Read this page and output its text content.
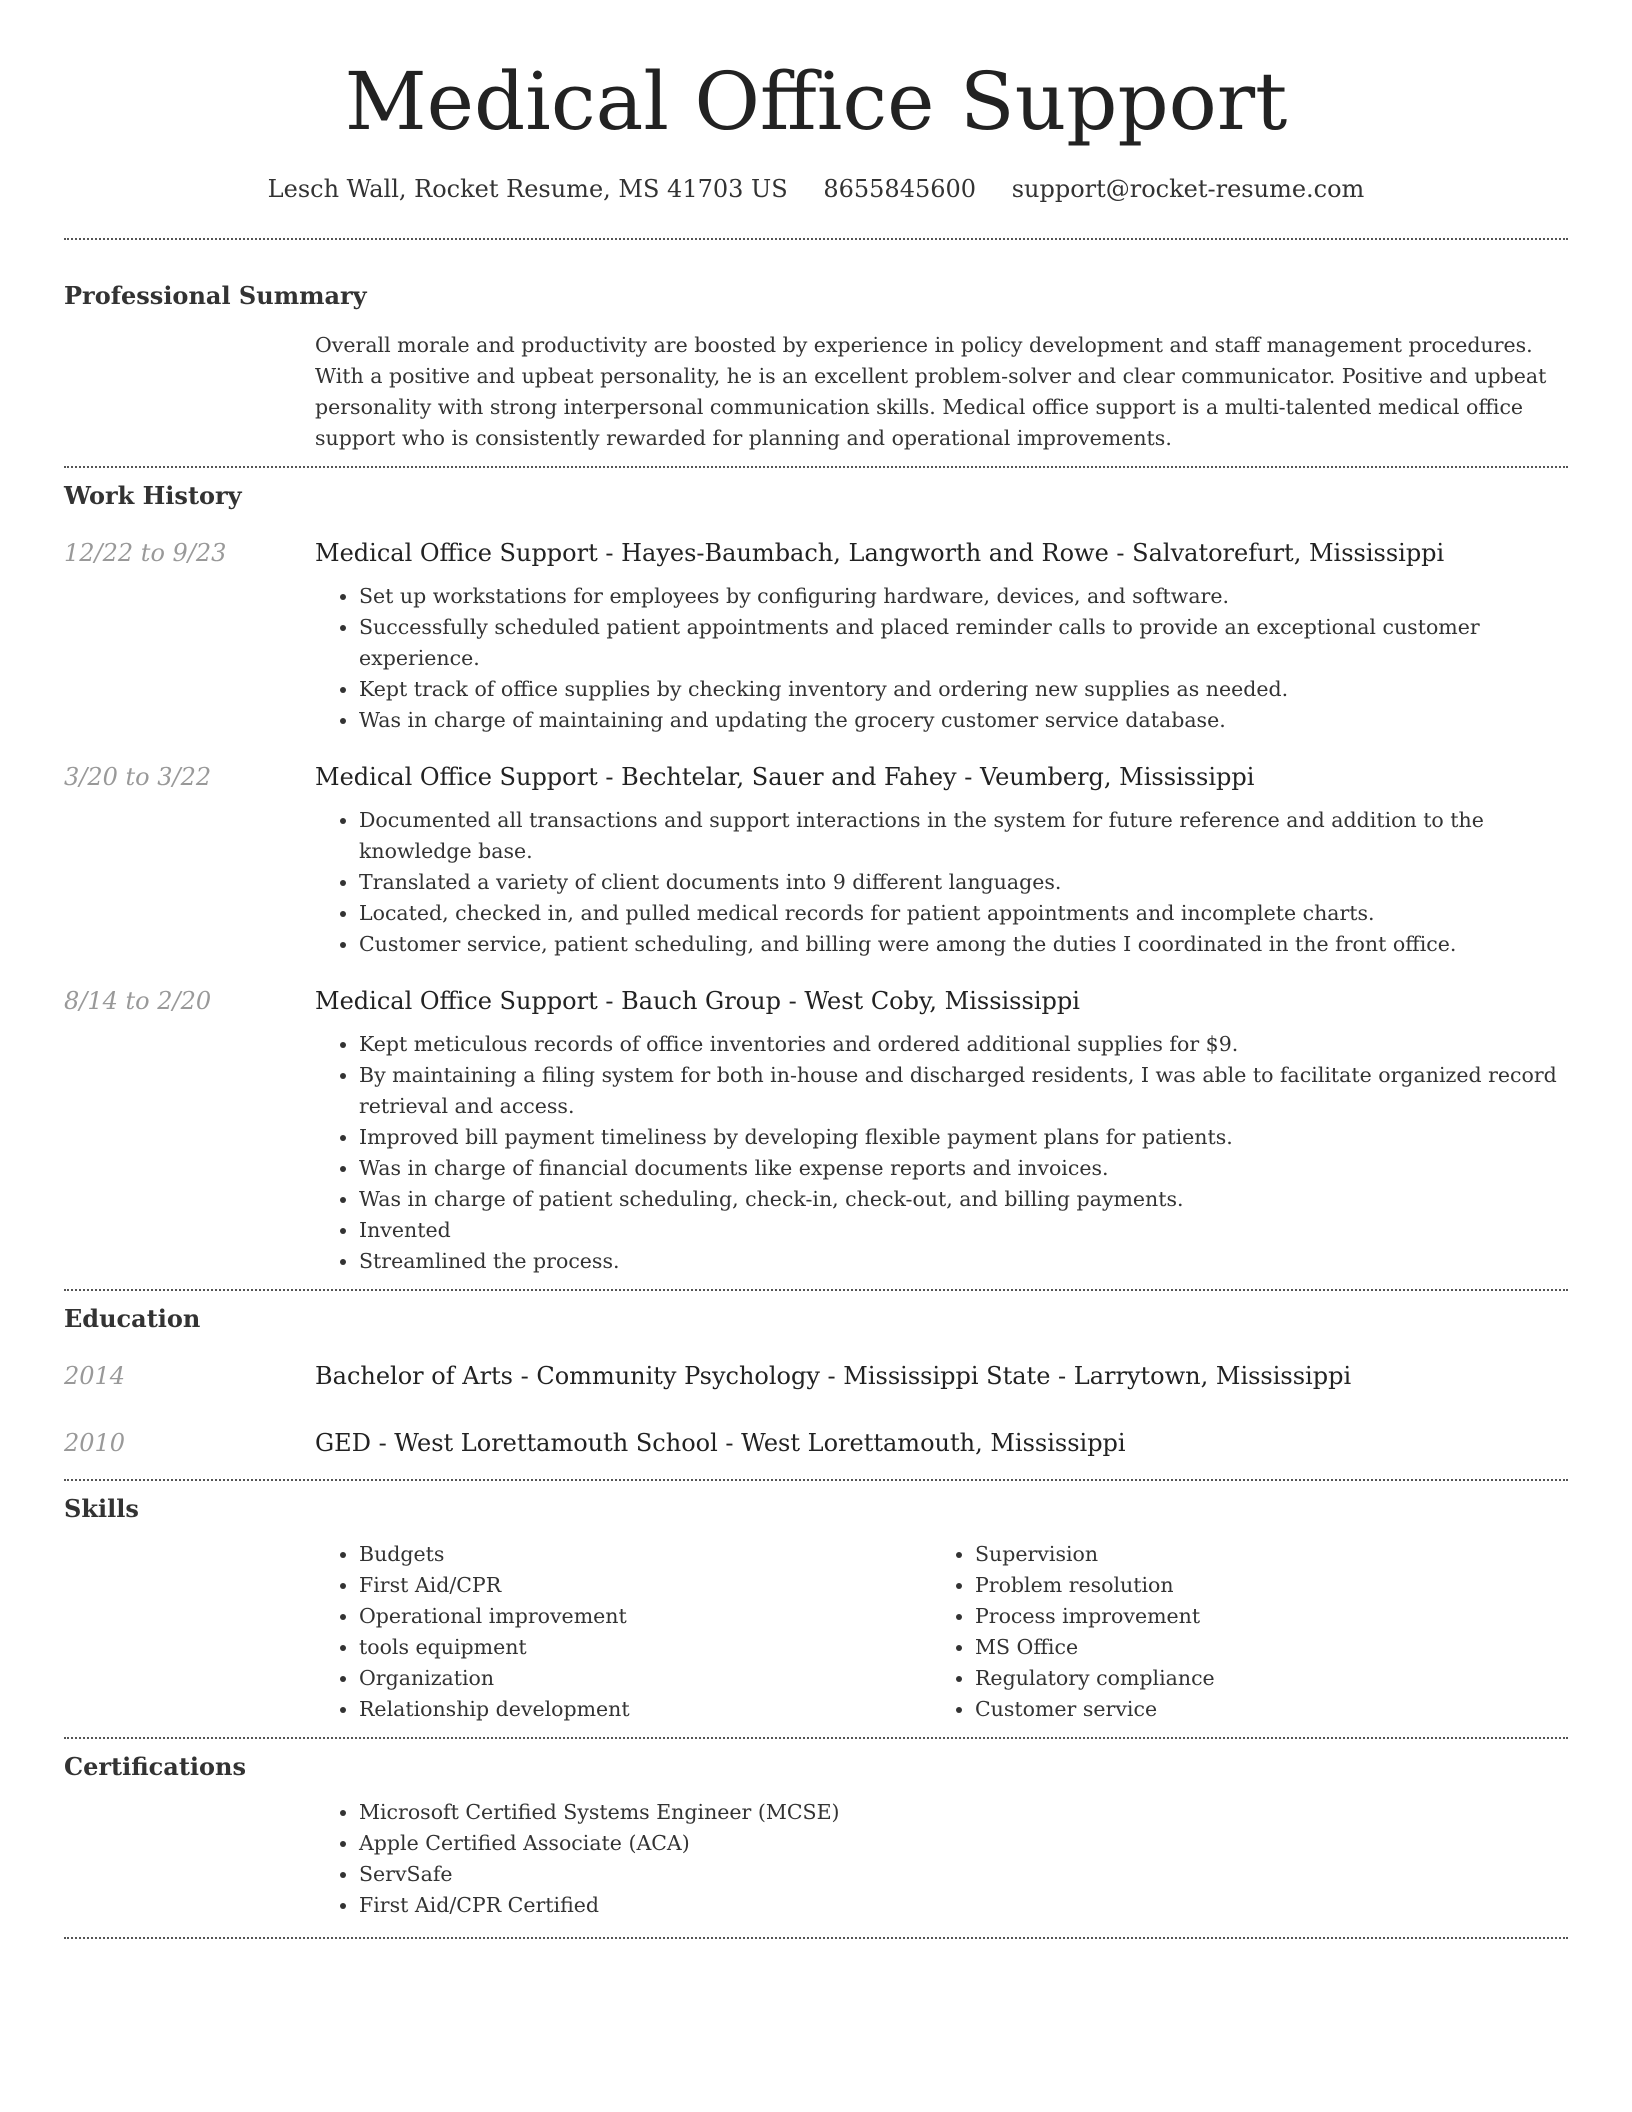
Medical Office Support
Lesch Wall, Rocket Resume, MS 41703 US 8655845600 support@rocket-resume.com
Professional Summary

Overall morale and productivity are boosted by experience in policy development and staff management procedures. With a positive and upbeat personality, he is an excellent problem-solver and clear communicator. Positive and upbeat personality with strong interpersonal communication skills. Medical office support is a multi-talented medical office support who is consistently rewarded for planning and operational improvements.

Work History
12/22 to 9/23	Medical Office Support - Hayes-Baumbach, Langworth and Rowe - Salvatorefurt, Mississippi
• Set up workstations for employees by configuring hardware, devices, and software.
• Successfully scheduled patient appointments and placed reminder calls to provide an exceptional customer experience.
• Kept track of office supplies by checking inventory and ordering new supplies as needed.
• Was in charge of maintaining and updating the grocery customer service database.
3/20 to 3/22	Medical Office Support - Bechtelar, Sauer and Fahey - Veumberg, Mississippi
• Documented all transactions and support interactions in the system for future reference and addition to the knowledge base.
• Translated a variety of client documents into 9 different languages.
• Located, checked in, and pulled medical records for patient appointments and incomplete charts.
• Customer service, patient scheduling, and billing were among the duties I coordinated in the front office.
8/14 to 2/20	Medical Office Support - Bauch Group - West Coby, Mississippi
• Kept meticulous records of office inventories and ordered additional supplies for $9.
• By maintaining a filing system for both in-house and discharged residents, I was able to facilitate organized record retrieval and access.
• Improved bill payment timeliness by developing flexible payment plans for patients.
• Was in charge of financial documents like expense reports and invoices.
• Was in charge of patient scheduling, check-in, check-out, and billing payments.
• Invented
• Streamlined the process.
Education
2014	Bachelor of Arts - Community Psychology - Mississippi State - Larrytown, Mississippi
2010	GED - West Lorettamouth School - West Lorettamouth, Mississippi
Skills
• Budgets
• First Aid/CPR
• Operational improvement
• tools equipment
• Organization
• Relationship development
• Supervision
• Problem resolution
• Process improvement
• MS Office
• Regulatory compliance
• Customer service
Certifications
• Microsoft Certified Systems Engineer (MCSE)
• Apple Certified Associate (ACA)
• ServSafe
• First Aid/CPR Certified
